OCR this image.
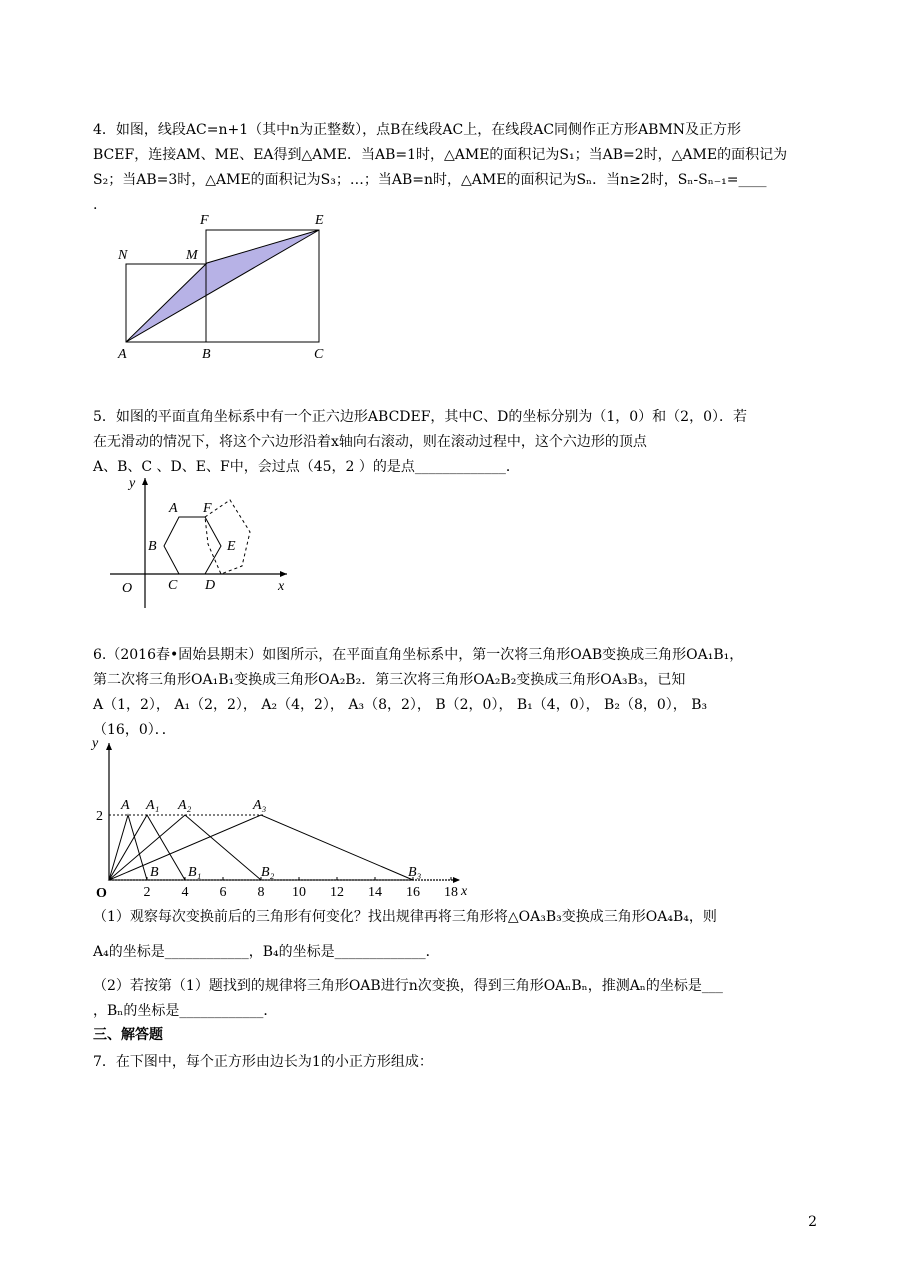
4．如图，线段AC=n+1（其中n为正整数），点B在线段AC上，在线段AC同侧作正方形ABMN及正方形

BCEF，连接AM、ME、EA得到△AME．当AB=1时，△AME的面积记为S₁；当AB=2时，△AME的面积记为

S₂；当AB=3时，△AME的面积记为S₃；…；当AB=n时，△AME的面积记为Sₙ．当n≥2时，Sₙ-Sₙ₋₁=____

.

F	E
N	M
A	B	C

5．如图的平面直角坐标系中有一个正六边形ABCDEF，其中C、D的坐标分别为（1，0）和（2，0）．若

在无滑动的情况下，将这个六边形沿着x轴向右滚动，则在滚动过程中，这个六边形的顶点

A、B、C 、D、E、F中，会过点（45，2 ）的是点_____________．

y
x
O
A F
B	E
C D

6.（2016春•固始县期末）如图所示，在平面直角坐标系中，第一次将三角形OAB变换成三角形OA₁B₁，

第二次将三角形OA₁B₁变换成三角形OA₂B₂．第三次将三角形OA₂B₂变换成三角形OA₃B₃，已知

A（1，2）， A₁（2，2）， A₂（4，2）， A₃（8，2）， B（2，0）， B₁（4，0）， B₂（8，0）， B₃

（16，0）．．

y
x
O
2
A A₁ A₂	A₃
B B₁	B₂	B₃
2 4 6 8 10 12 14 16 18

（1）观察每次变换前后的三角形有何变化？找出规律再将三角形将△OA₃B₃变换成三角形OA₄B₄，则

A₄的坐标是____________，B₄的坐标是_____________．

（2）若按第（1）题找到的规律将三角形OAB进行n次变换，得到三角形OAₙBₙ，推测Aₙ的坐标是___

，Bₙ的坐标是____________．

三、解答题

7．在下图中，每个正方形由边长为1的小正方形组成：

2
